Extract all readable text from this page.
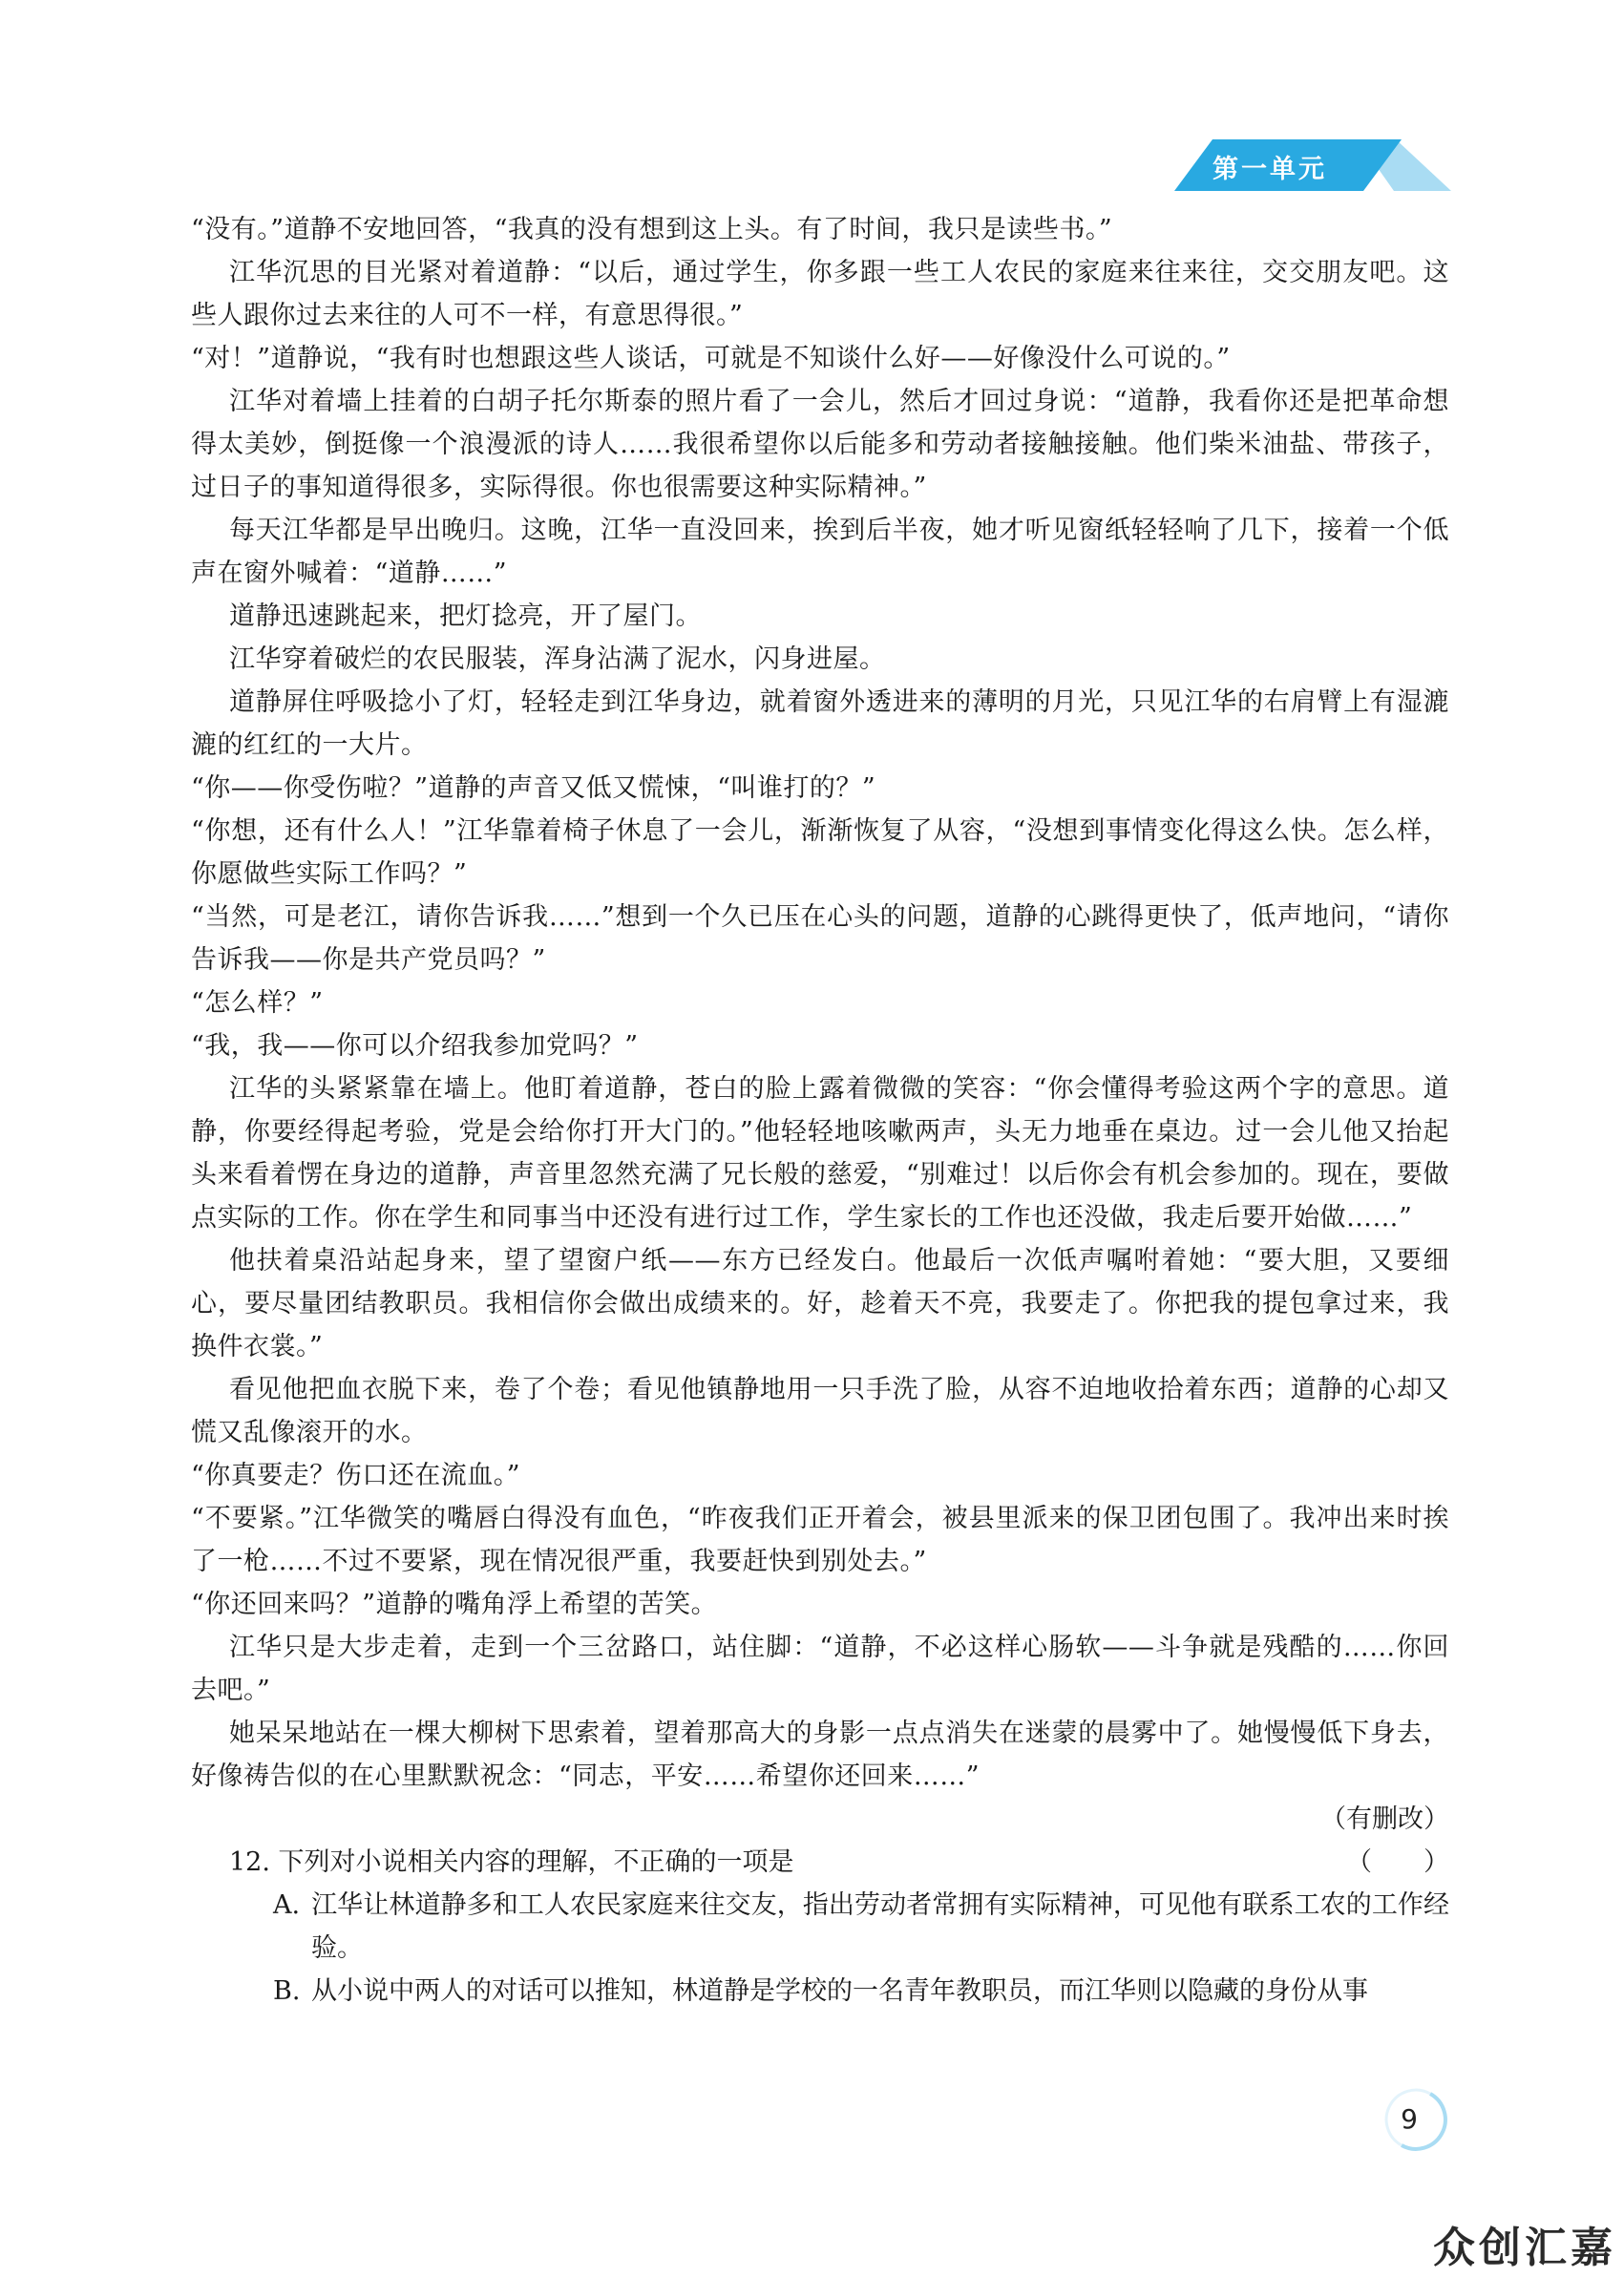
第一单元

“没有。”道静不安地回答，“我真的没有想到这上头。有了时间，我只是读些书。”

江华沉思的目光紧对着道静：“以后，通过学生，你多跟一些工人农民的家庭来往来往，交交朋友吧。这些人跟你过去来往的人可不一样，有意思得很。”

“对！”道静说，“我有时也想跟这些人谈话，可就是不知谈什么好——好像没什么可说的。”

江华对着墙上挂着的白胡子托尔斯泰的照片看了一会儿，然后才回过身说：“道静，我看你还是把革命想得太美妙，倒挺像一个浪漫派的诗人……我很希望你以后能多和劳动者接触接触。他们柴米油盐、带孩子，过日子的事知道得很多，实际得很。你也很需要这种实际精神。”

每天江华都是早出晚归。这晚，江华一直没回来，挨到后半夜，她才听见窗纸轻轻响了几下，接着一个低声在窗外喊着：“道静……”

道静迅速跳起来，把灯捻亮，开了屋门。

江华穿着破烂的农民服装，浑身沾满了泥水，闪身进屋。

道静屏住呼吸捻小了灯，轻轻走到江华身边，就着窗外透进来的薄明的月光，只见江华的右肩臂上有湿漉漉的红红的一大片。

“你——你受伤啦？”道静的声音又低又慌悚，“叫谁打的？”

“你想，还有什么人！”江华靠着椅子休息了一会儿，渐渐恢复了从容，“没想到事情变化得这么快。怎么样，你愿做些实际工作吗？”

“当然，可是老江，请你告诉我……”想到一个久已压在心头的问题，道静的心跳得更快了，低声地问，“请你告诉我——你是共产党员吗？”

“怎么样？”

“我，我——你可以介绍我参加党吗？”

江华的头紧紧靠在墙上。他盯着道静，苍白的脸上露着微微的笑容：“你会懂得考验这两个字的意思。道静，你要经得起考验，党是会给你打开大门的。”他轻轻地咳嗽两声，头无力地垂在桌边。过一会儿他又抬起头来看着愣在身边的道静，声音里忽然充满了兄长般的慈爱，“别难过！以后你会有机会参加的。现在，要做点实际的工作。你在学生和同事当中还没有进行过工作，学生家长的工作也还没做，我走后要开始做……”

他扶着桌沿站起身来，望了望窗户纸——东方已经发白。他最后一次低声嘱咐着她：“要大胆，又要细心，要尽量团结教职员。我相信你会做出成绩来的。好，趁着天不亮，我要走了。你把我的提包拿过来，我换件衣裳。”

看见他把血衣脱下来，卷了个卷；看见他镇静地用一只手洗了脸，从容不迫地收拾着东西；道静的心却又慌又乱像滚开的水。

“你真要走？伤口还在流血。”

“不要紧。”江华微笑的嘴唇白得没有血色，“昨夜我们正开着会，被县里派来的保卫团包围了。我冲出来时挨了一枪……不过不要紧，现在情况很严重，我要赶快到别处去。”

“你还回来吗？”道静的嘴角浮上希望的苦笑。

江华只是大步走着，走到一个三岔路口，站住脚：“道静，不必这样心肠软——斗争就是残酷的……你回去吧。”

她呆呆地站在一棵大柳树下思索着，望着那高大的身影一点点消失在迷蒙的晨雾中了。她慢慢低下身去，好像祷告似的在心里默默祝念：“同志，平安……希望你还回来……”

（有删改）

12. 下列对小说相关内容的理解，不正确的一项是	（　　）

A. 江华让林道静多和工人农民家庭来往交友，指出劳动者常拥有实际精神，可见他有联系工农的工作经验。

B. 从小说中两人的对话可以推知，林道静是学校的一名青年教职员，而江华则以隐藏的身份从事

9
众创汇嘉
